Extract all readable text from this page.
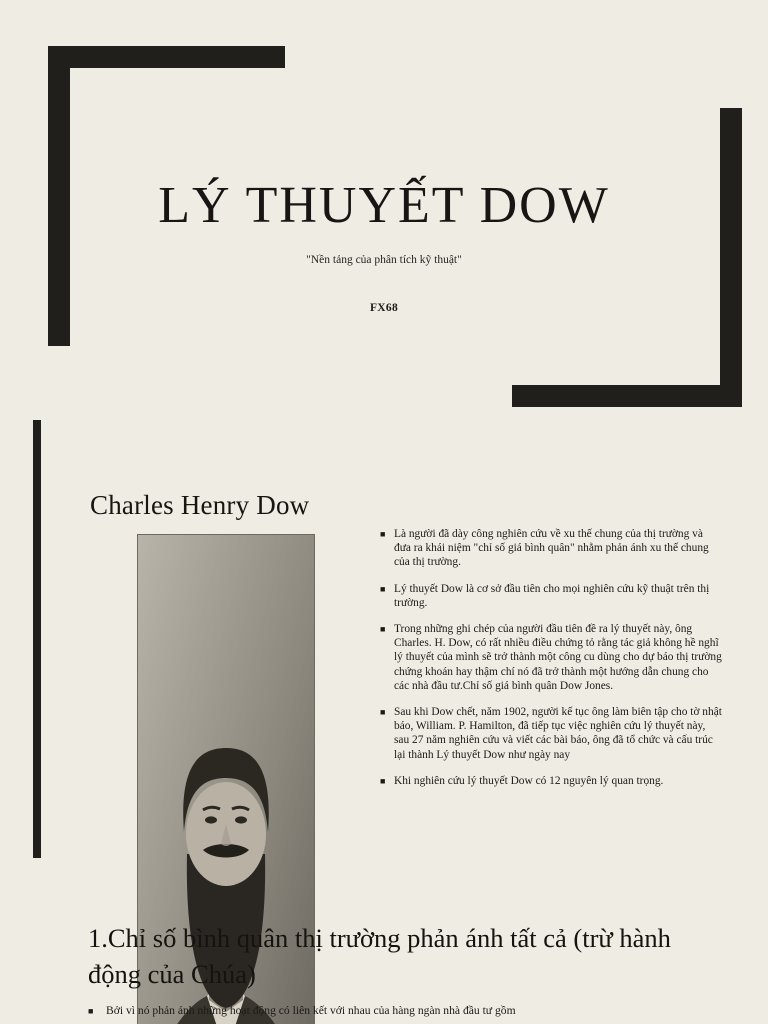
LÝ THUYẾT DOW
"Nền tảng của phân tích kỹ thuật"
FX68
Charles Henry Dow
■ Là người đã dày công nghiên cứu về xu thế chung của thị trường và đưa ra khái niệm "chỉ số giá bình quân" nhằm phản ánh xu thế chung của thị trường.
■ Lý thuyết Dow là cơ sở đầu tiên cho mọi nghiên cứu kỹ thuật trên thị trường.
■ Trong những ghi chép của người đầu tiên đề ra lý thuyết này, ông Charles. H. Dow, có rất nhiều điều chứng tỏ rằng tác giả không hề nghĩ lý thuyết của mình sẽ trở thành một công cu dùng cho dự báo thị trường chứng khoán hay thậm chí nó đã trở thành một hướng dẫn chung cho các nhà đầu tư.Chỉ số giá bình quân Dow Jones.
■ Sau khi Dow chết, năm 1902, người kế tục ông làm biên tập cho tờ nhật báo, William. P. Hamilton, đã tiếp tục việc nghiên cứu lý thuyết này, sau 27 năm nghiên cứu và viết các bài báo, ông đã tổ chức và cấu trúc lại thành Lý thuyết Dow như ngày nay
■ Khi nghiên cứu lý thuyết Dow có 12 nguyên lý quan trọng.
1.Chỉ số bình quân thị trường phản ánh tất cả (trừ hành động của Chúa)
■	Bởi vì nó phản ánh những hoạt động có liên kết với nhau của hàng ngàn nhà đầu tư gồm
